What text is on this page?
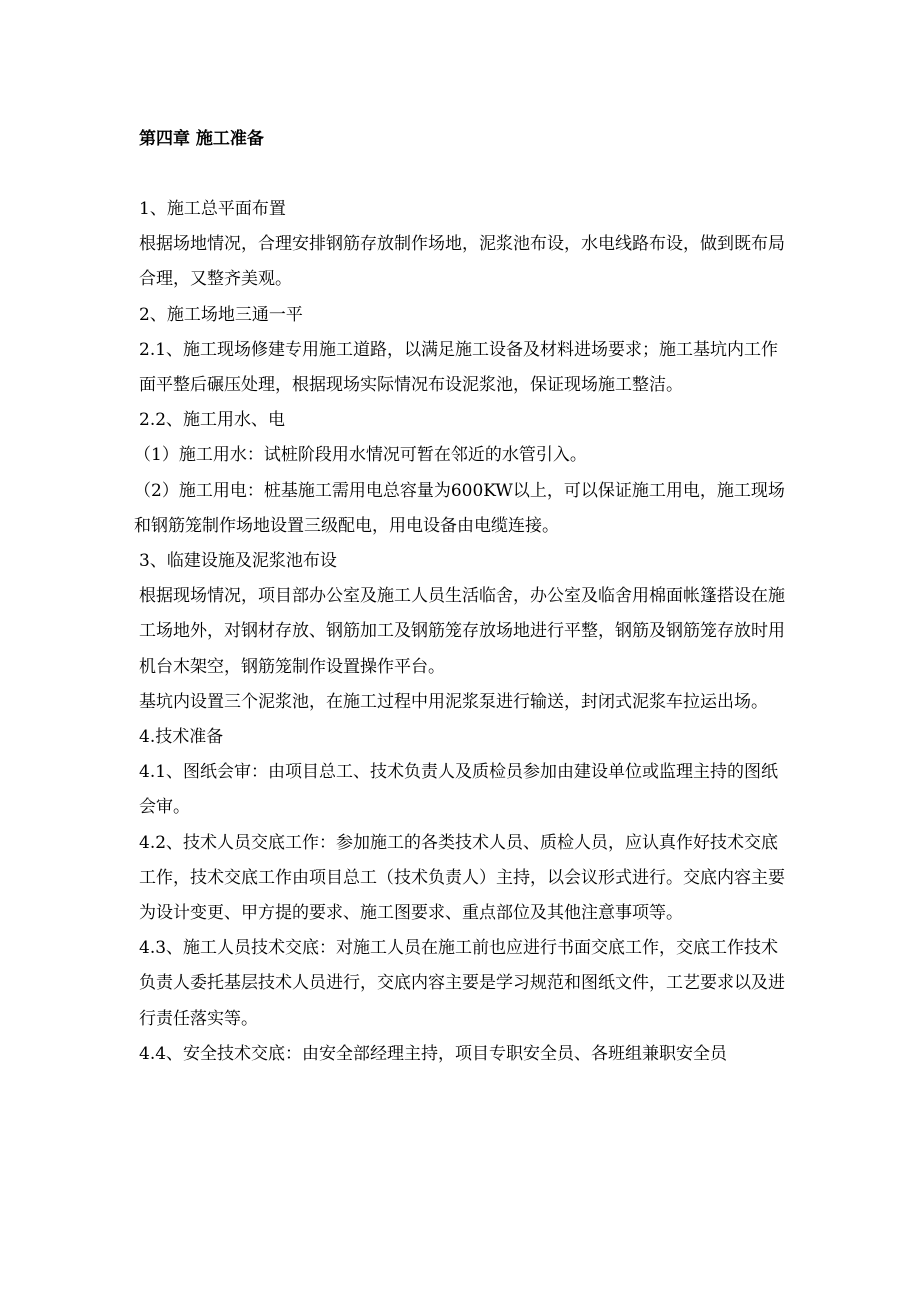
第四章 施工准备

1、施工总平面布置

根据场地情况，合理安排钢筋存放制作场地，泥浆池布设，水电线路布设，做到既布局合理，又整齐美观。

2、施工场地三通一平

2.1、施工现场修建专用施工道路，以满足施工设备及材料进场要求；施工基坑内工作面平整后碾压处理，根据现场实际情况布设泥浆池，保证现场施工整洁。

2.2、施工用水、电

（1）施工用水：试桩阶段用水情况可暂在邻近的水管引入。

（2）施工用电：桩基施工需用电总容量为600KW以上，可以保证施工用电，施工现场和钢筋笼制作场地设置三级配电，用电设备由电缆连接。

3、临建设施及泥浆池布设

根据现场情况，项目部办公室及施工人员生活临舍，办公室及临舍用棉面帐篷搭设在施工场地外，对钢材存放、钢筋加工及钢筋笼存放场地进行平整，钢筋及钢筋笼存放时用机台木架空，钢筋笼制作设置操作平台。

基坑内设置三个泥浆池，在施工过程中用泥浆泵进行输送，封闭式泥浆车拉运出场。

4.技术准备

4.1、图纸会审：由项目总工、技术负责人及质检员参加由建设单位或监理主持的图纸会审。

4.2、技术人员交底工作：参加施工的各类技术人员、质检人员，应认真作好技术交底工作，技术交底工作由项目总工（技术负责人）主持，以会议形式进行。交底内容主要为设计变更、甲方提的要求、施工图要求、重点部位及其他注意事项等。

4.3、施工人员技术交底：对施工人员在施工前也应进行书面交底工作，交底工作技术负责人委托基层技术人员进行，交底内容主要是学习规范和图纸文件，工艺要求以及进行责任落实等。

4.4、安全技术交底：由安全部经理主持，项目专职安全员、各班组兼职安全员
